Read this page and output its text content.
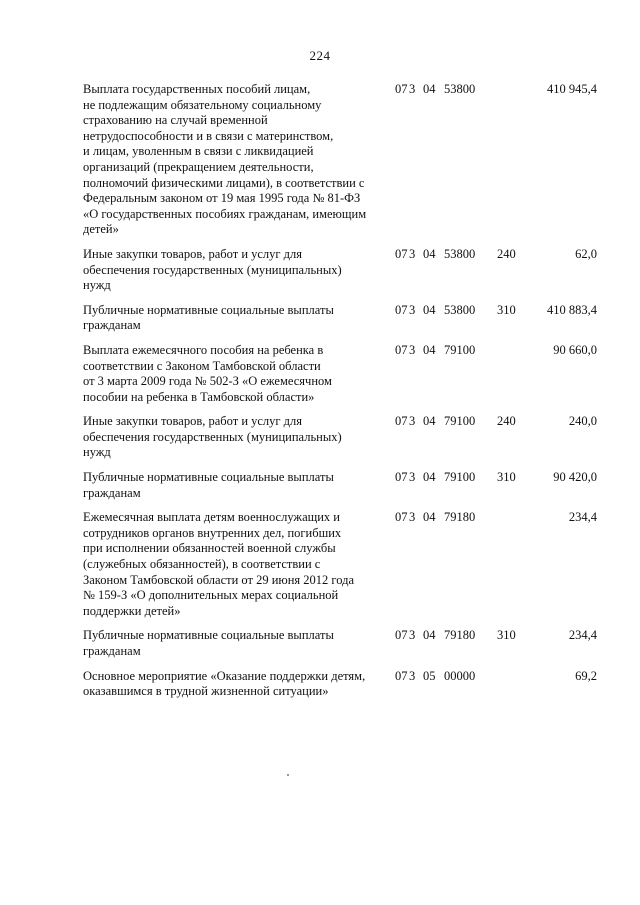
224
Выплата государственных пособий лицам,
не подлежащим обязательному социальному
страхованию на случай временной
нетрудоспособности и в связи с материнством,
и лицам, уволенным в связи с ликвидацией
организаций (прекращением деятельности,
полномочий физическими лицами), в соответствии с
Федеральным законом от 19 мая 1995 года № 81-ФЗ
«О государственных пособиях гражданам, имеющим
детей»
07 3 04 53800	410 945,4
Иные закупки товаров, работ и услуг для
обеспечения государственных (муниципальных)
нужд
07 3 04 53800 240	62,0
Публичные нормативные социальные выплаты
гражданам
07 3 04 53800 310	410 883,4
Выплата ежемесячного пособия на ребенка в
соответствии с Законом Тамбовской области
от 3 марта 2009 года № 502-З «О ежемесячном
пособии на ребенка в Тамбовской области»
07 3 04 79100	90 660,0
Иные закупки товаров, работ и услуг для
обеспечения государственных (муниципальных)
нужд
07 3 04 79100 240	240,0
Публичные нормативные социальные выплаты
гражданам
07 3 04 79100 310	90 420,0
Ежемесячная выплата детям военнослужащих и
сотрудников органов внутренних дел, погибших
при исполнении обязанностей военной службы
(служебных обязанностей), в соответствии с
Законом Тамбовской области от 29 июня 2012 года
№ 159-З «О дополнительных мерах социальной
поддержки детей»
07 3 04 79180	234,4
Публичные нормативные социальные выплаты
гражданам
07 3 04 79180 310	234,4
Основное мероприятие «Оказание поддержки детям,
оказавшимся в трудной жизненной ситуации»
07 3 05 00000	69,2
